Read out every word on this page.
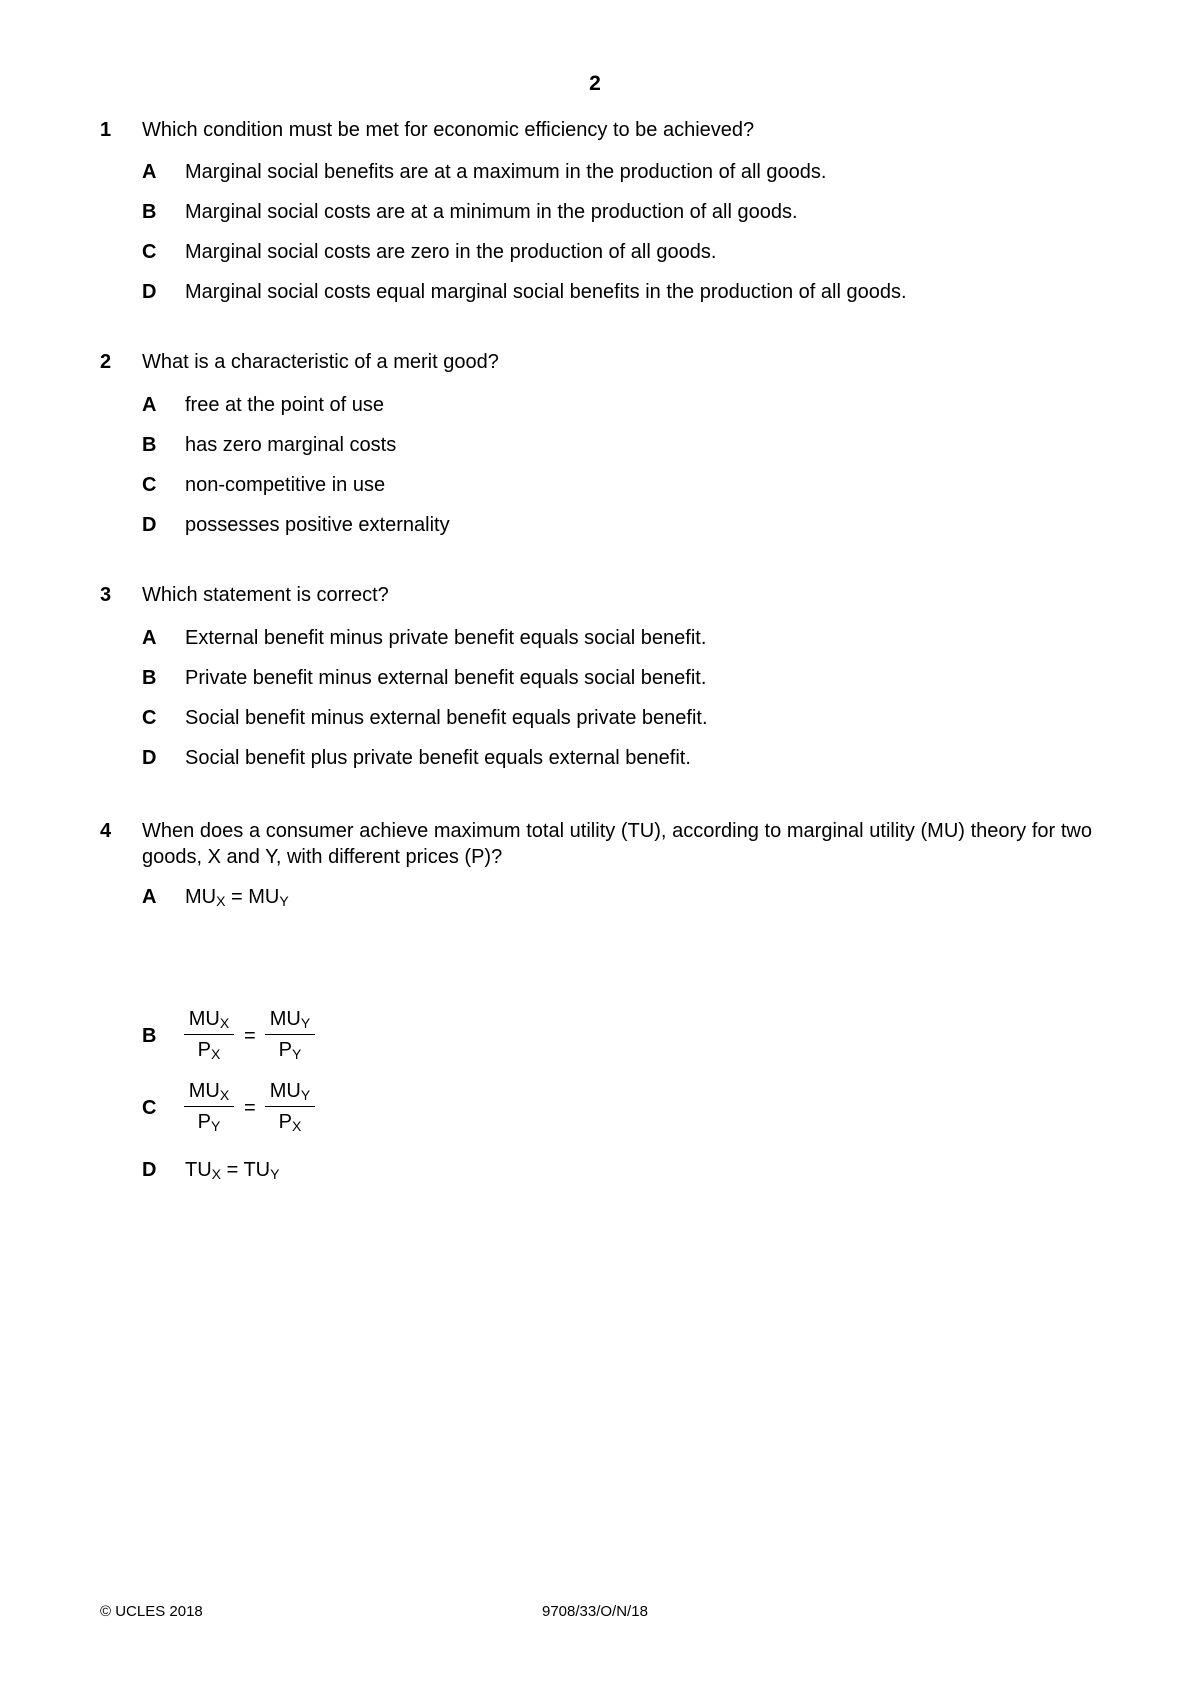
2
1 Which condition must be met for economic efficiency to be achieved?
A Marginal social benefits are at a maximum in the production of all goods.
B Marginal social costs are at a minimum in the production of all goods.
C Marginal social costs are zero in the production of all goods.
D Marginal social costs equal marginal social benefits in the production of all goods.
2 What is a characteristic of a merit good?
A free at the point of use
B has zero marginal costs
C non-competitive in use
D possesses positive externality
3 Which statement is correct?
A External benefit minus private benefit equals social benefit.
B Private benefit minus external benefit equals social benefit.
C Social benefit minus external benefit equals private benefit.
D Social benefit plus private benefit equals external benefit.
4 When does a consumer achieve maximum total utility (TU), according to marginal utility (MU) theory for two goods, X and Y, with different prices (P)?
A $MU_X = MU_Y$
B
$MU_X$
$P_X$
=
$MU_Y$
$P_Y$
C
$MU_X$
$P_Y$
=
$MU_Y$
$P_X$
D $TU_X = TU_Y$
© UCLES 2018	9708/33/O/N/18
